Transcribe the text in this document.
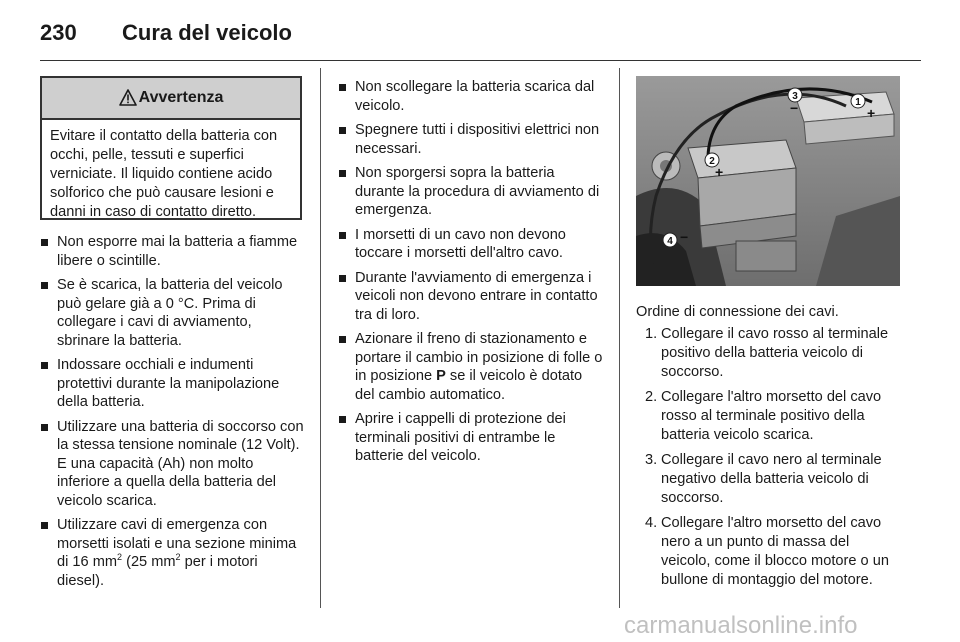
230 Cura del veicolo
Avvertenza
Evitare il contatto della batteria con occhi, pelle, tessuti e superfici verniciate. Il liquido contiene acido solforico che può causare lesioni e danni in caso di contatto diretto.
Non esporre mai la batteria a fiamme libere o scintille.
Se è scarica, la batteria del veicolo può gelare già a 0 °C. Prima di collegare i cavi di avviamento, sbrinare la batteria.
Indossare occhiali e indumenti protettivi durante la manipolazione della batteria.
Utilizzare una batteria di soccorso con la stessa tensione nominale (12 Volt). E una capacità (Ah) non molto inferiore a quella della batteria del veicolo scarica.
Utilizzare cavi di emergenza con morsetti isolati e una sezione minima di 16 $mm^2$ (25 $mm^2$ per i motori diesel).
Non scollegare la batteria scarica dal veicolo.
Spegnere tutti i dispositivi elettrici non necessari.
Non sporgersi sopra la batteria durante la procedura di avviamento di emergenza.
I morsetti di un cavo non devono toccare i morsetti dell'altro cavo.
Durante l'avviamento di emergenza i veicoli non devono entrare in contatto tra di loro.
Azionare il freno di stazionamento e portare il cambio in posizione di folle o in posizione P se il veicolo è dotato del cambio automatico.
Aprire i cappelli di protezione dei terminali positivi di entrambe le batterie del veicolo.
1
+
2
+
3
−
4 −
Ordine di connessione dei cavi.
1. Collegare il cavo rosso al terminale positivo della batteria veicolo di soccorso.
2. Collegare l'altro morsetto del cavo rosso al terminale positivo della batteria veicolo scarica.
3. Collegare il cavo nero al terminale negativo della batteria veicolo di soccorso.
4. Collegare l'altro morsetto del cavo nero a un punto di massa del veicolo, come il blocco motore o un bullone di montaggio del motore.
carmanualsonline.info
